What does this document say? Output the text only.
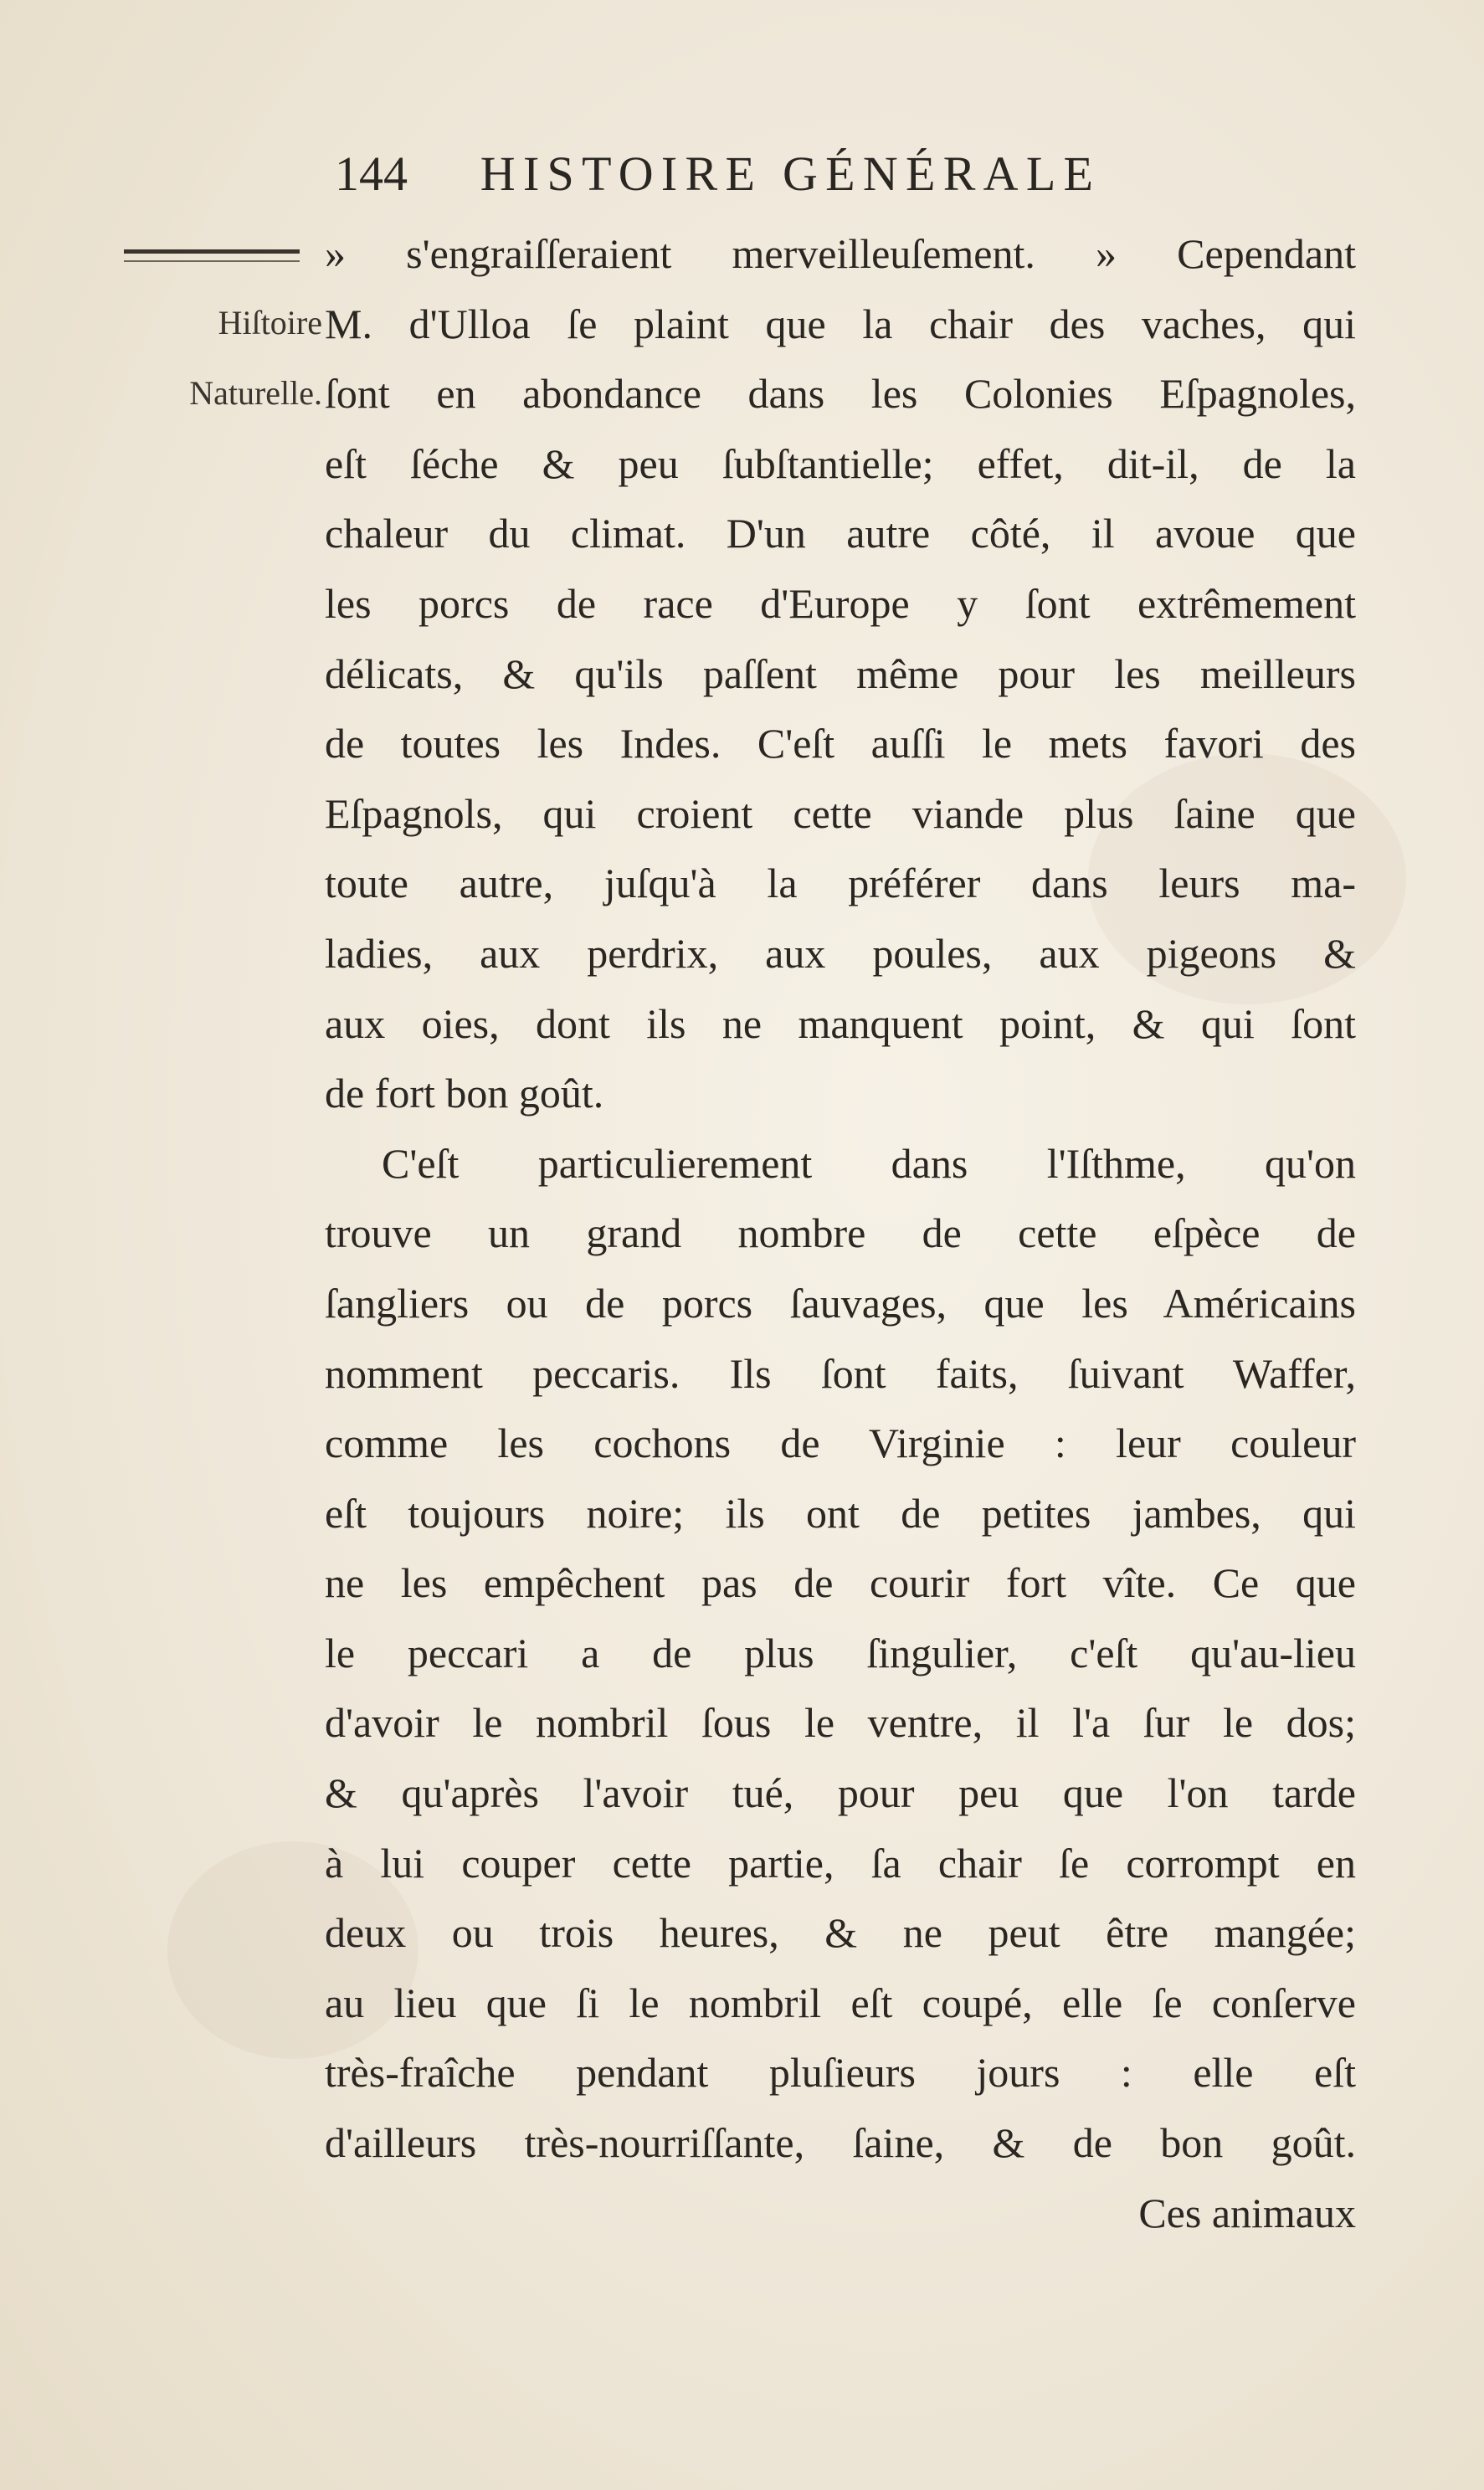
144 HISTOIRE GÉNÉRALE
Hiſtoire
Naturelle.
» s'engraiſſeraient merveilleuſement. » Cependant
M. d'Ulloa ſe plaint que la chair des vaches, qui
ſont en abondance dans les Colonies Eſpagnoles,
eſt ſéche & peu ſubſtantielle; effet, dit-il, de la
chaleur du climat. D'un autre côté, il avoue que
les porcs de race d'Europe y ſont extrêmement
délicats, & qu'ils paſſent même pour les meilleurs
de toutes les Indes. C'eſt auſſi le mets favori des
Eſpagnols, qui croient cette viande plus ſaine que
toute autre, juſqu'à la préférer dans leurs ma-
ladies, aux perdrix, aux poules, aux pigeons &
aux oies, dont ils ne manquent point, & qui ſont
de fort bon goût.
C'eſt particulierement dans l'Iſthme, qu'on
trouve un grand nombre de cette eſpèce de
ſangliers ou de porcs ſauvages, que les Américains
nomment peccaris. Ils ſont faits, ſuivant Waffer,
comme les cochons de Virginie : leur couleur
eſt toujours noire; ils ont de petites jambes, qui
ne les empêchent pas de courir fort vîte. Ce que
le peccari a de plus ſingulier, c'eſt qu'au-lieu
d'avoir le nombril ſous le ventre, il l'a ſur le dos;
& qu'après l'avoir tué, pour peu que l'on tarde
à lui couper cette partie, ſa chair ſe corrompt en
deux ou trois heures, & ne peut être mangée;
au lieu que ſi le nombril eſt coupé, elle ſe conſerve
très-fraîche pendant pluſieurs jours : elle eſt
d'ailleurs très-nourriſſante, ſaine, & de bon goût.
Ces animaux
